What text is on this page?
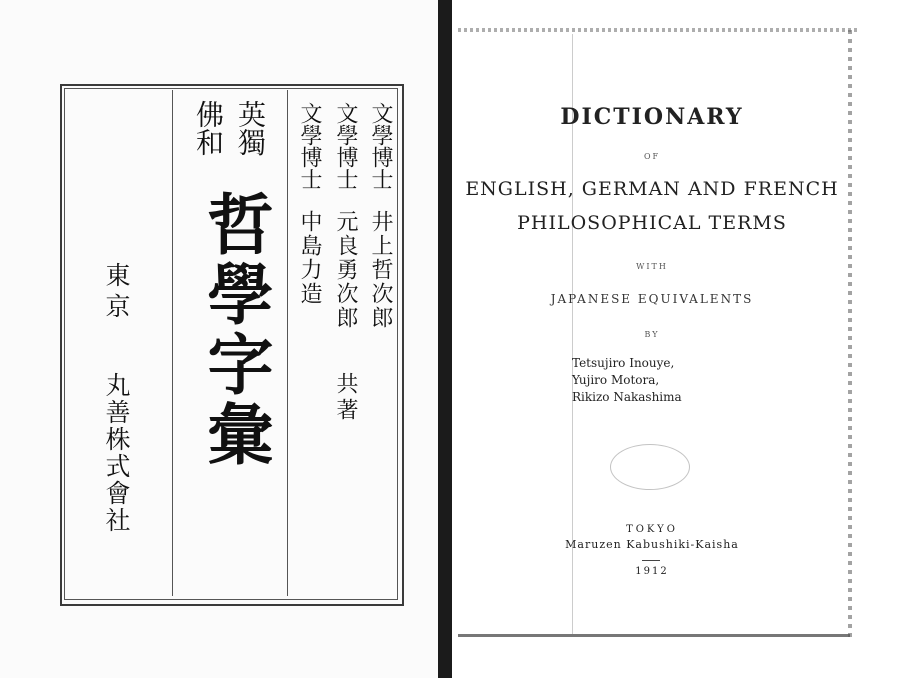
東京
丸善株式會社
英獨
佛和
哲學字彙
文學博士
井上哲次郎
文學博士
元良勇次郎
文學博士
中島力造
共著
DICTIONARY
OF
ENGLISH, GERMAN AND FRENCH
PHILOSOPHICAL TERMS
WITH
JAPANESE EQUIVALENTS
BY
Tetsujiro Inouye,
Yujiro Motora,
Rikizo Nakashima
TOKYO
Maruzen Kabushiki-Kaisha
1912
